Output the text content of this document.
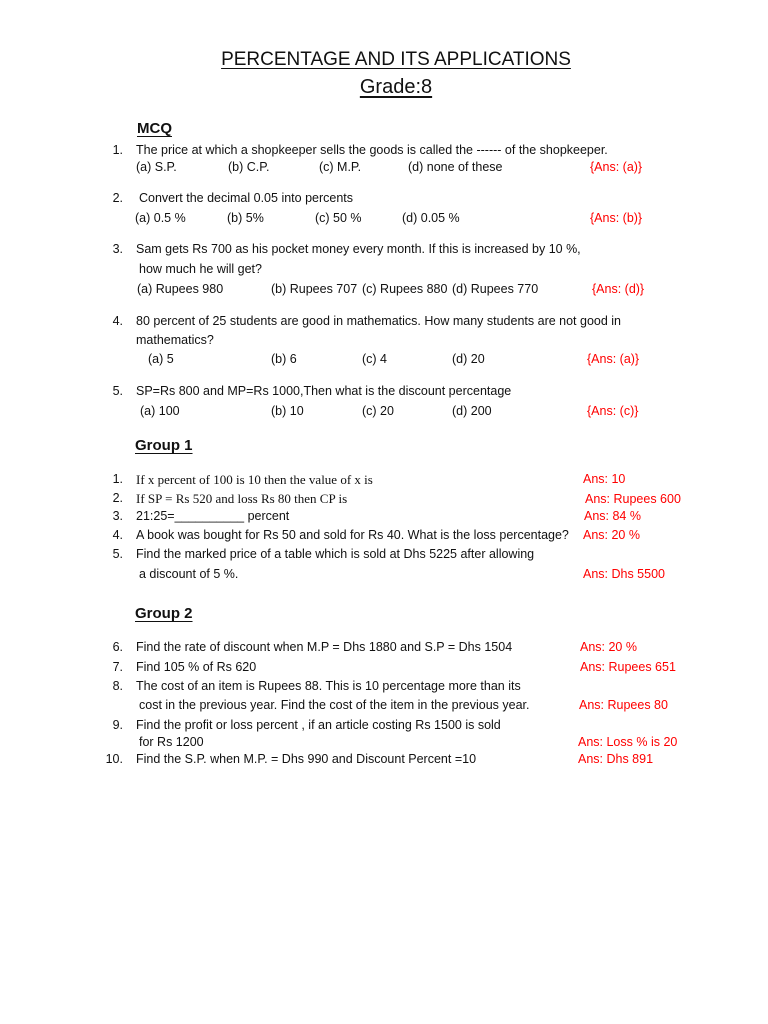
PERCENTAGE AND ITS APPLICATIONS
Grade:8
MCQ
1. The price at which a shopkeeper sells the goods is called the ------ of the shopkeeper.
(a) S.P.	(b) C.P.	(c) M.P.	(d) none of these	{Ans: (a)}
2. Convert the decimal 0.05 into percents
(a) 0.5 %	(b) 5%	(c) 50 %	(d) 0.05 %	{Ans: (b)}
3. Sam gets Rs 700 as his pocket money every month. If this is increased by 10 %,
how much he will get?
(a) Rupees 980	(b) Rupees 707 (c) Rupees 880 (d) Rupees 770	{Ans: (d)}
4. 80 percent of 25 students are good in mathematics. How many students are not good in
mathematics?
(a) 5	(b) 6	(c) 4	(d) 20	{Ans: (a)}
5. SP=Rs 800 and MP=Rs 1000,Then what is the discount percentage
(a) 100	(b) 10	(c) 20	(d) 200	{Ans: (c)}
Group 1
1. If x percent of 100 is 10 then the value of x is	Ans: 10
2. If SP = Rs 520 and loss Rs 80 then CP is	Ans: Rupees 600
3. 21:25=__________ percent	Ans: 84 %
4. A book was bought for Rs 50 and sold for Rs 40. What is the loss percentage? Ans: 20 %
5. Find the marked price of a table which is sold at Dhs 5225 after allowing
a discount of 5 %.	Ans: Dhs 5500
Group 2
6. Find the rate of discount when M.P = Dhs 1880 and S.P = Dhs 1504	Ans: 20 %
7. Find 105 % of Rs 620	Ans: Rupees 651
8. The cost of an item is Rupees 88. This is 10 percentage more than its
cost in the previous year. Find the cost of the item in the previous year.	Ans: Rupees 80
9. Find the profit or loss percent , if an article costing Rs 1500 is sold
for Rs 1200	Ans: Loss % is 20
10. Find the S.P. when M.P. = Dhs 990 and Discount Percent =10	Ans: Dhs 891
